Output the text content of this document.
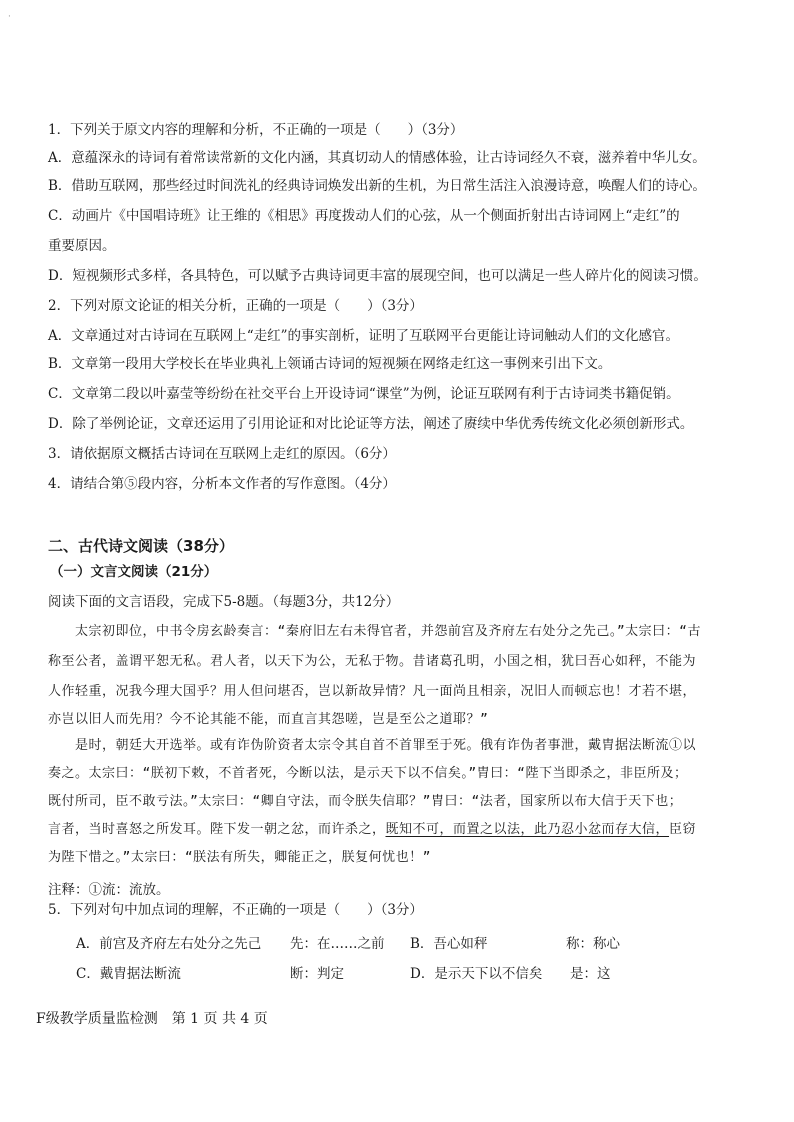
·
1．下列关于原文内容的理解和分析，不正确的一项是（　　）（3分）
A．意蕴深永的诗词有着常读常新的文化内涵，其真切动人的情感体验，让古诗词经久不衰，滋养着中华儿女。
B．借助互联网，那些经过时间洗礼的经典诗词焕发出新的生机，为日常生活注入浪漫诗意，唤醒人们的诗心。
C．动画片《中国唱诗班》让王维的《相思》再度拨动人们的心弦，从一个侧面折射出古诗词网上“走红”的
重要原因。
D．短视频形式多样，各具特色，可以赋予古典诗词更丰富的展现空间，也可以满足一些人碎片化的阅读习惯。
2．下列对原文论证的相关分析，正确的一项是（　　）（3分）
A．文章通过对古诗词在互联网上“走红”的事实剖析，证明了互联网平台更能让诗词触动人们的文化感官。
B．文章第一段用大学校长在毕业典礼上领诵古诗词的短视频在网络走红这一事例来引出下文。
C．文章第二段以叶嘉莹等纷纷在社交平台上开设诗词“课堂”为例，论证互联网有利于古诗词类书籍促销。
D．除了举例论证，文章还运用了引用论证和对比论证等方法，阐述了赓续中华优秀传统文化必须创新形式。
3．请依据原文概括古诗词在互联网上走红的原因。（6分）
4．请结合第⑤段内容，分析本文作者的写作意图。（4分）
二、古代诗文阅读（38分）
（一）文言文阅读（21分）
阅读下面的文言语段，完成下5-8题。（每题3分，共12分）
　　太宗初即位，中书令房玄龄奏言：“秦府旧左右未得官者，并怨前宫及齐府左右处分之先己。”太宗曰：“古
称至公者，盖谓平恕无私。君人者，以天下为公，无私于物。昔诸葛孔明，小国之相，犹曰吾心如秤，不能为
人作轻重，况我今理大国乎？用人但问堪否，岂以新故异情？凡一面尚且相亲，况旧人而顿忘也！才若不堪，
亦岂以旧人而先用？今不论其能不能，而直言其怨嗟，岂是至公之道耶？”
　　是时，朝廷大开选举。或有诈伪阶资者太宗令其自首不首罪至于死。俄有诈伪者事泄，戴胄据法断流①以
奏之。太宗曰：“朕初下敕，不首者死，今断以法，是示天下以不信矣。”胄曰：“陛下当即杀之，非臣所及；
既付所司，臣不敢亏法。”太宗曰：“卿自守法，而令朕失信耶？”胄曰：“法者，国家所以布大信于天下也；
言者，当时喜怒之所发耳。陛下发一朝之忿，而许杀之，既知不可，而置之以法，此乃忍小忿而存大信，臣窃
为陛下惜之。”太宗曰：“朕法有所失，卿能正之，朕复何忧也！”
注释：①流：流放。
5．下列对句中加点词的理解，不正确的一项是（　　）（3分）
A．前宫及齐府左右处分之先己 先：在……之前 B．吾心如秤	称：称心
C．戴胄据法断流	断：判定	D．是示天下以不信矣 是：这
F级教学质量监检测　第 1 页 共 4 页
